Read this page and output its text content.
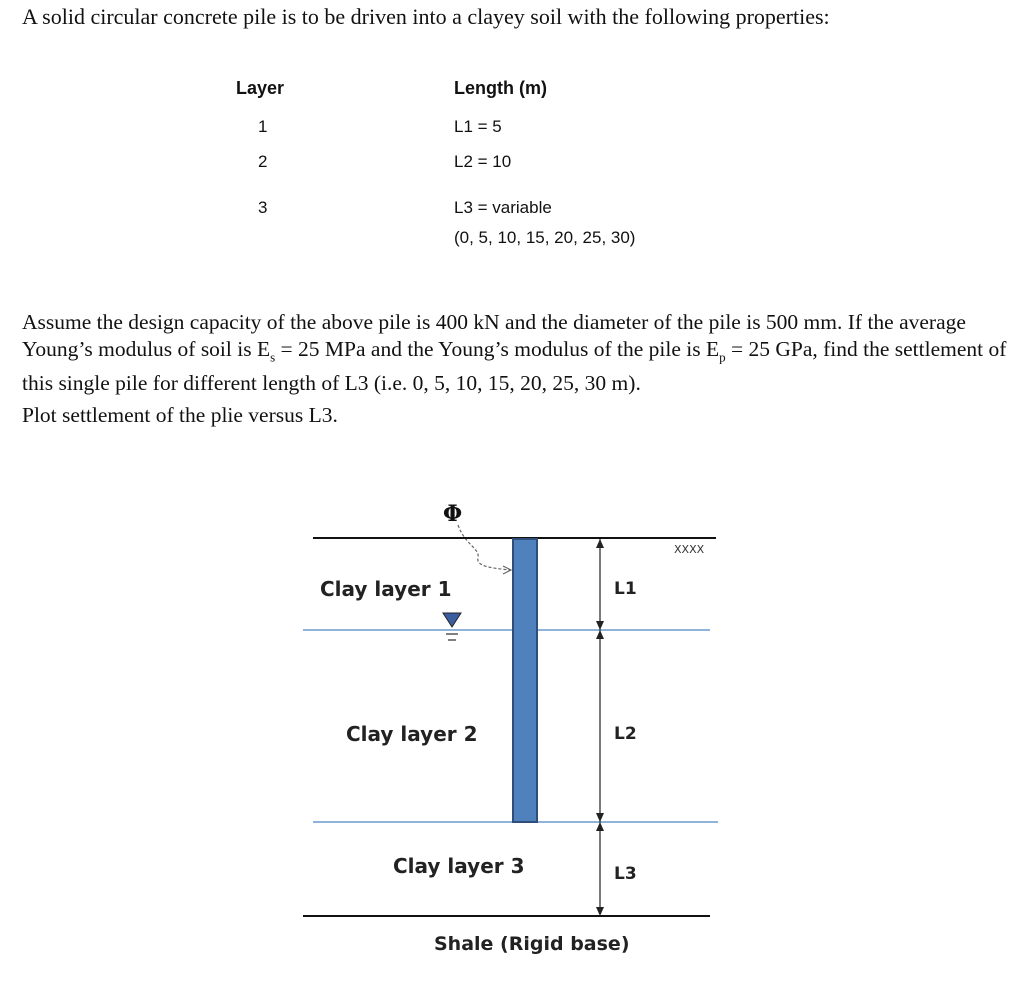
A solid circular concrete pile is to be driven into a clayey soil with the following properties:
Layer	Length (m)
1	L1 = 5
2	L2 = 10
3	L3 = variable
(0, 5, 10, 15, 20, 25, 30)

Assume the design capacity of the above pile is 400 kN and the diameter of the pile is 500 mm. If the average Young’s modulus of soil is $E_s = 25$ MPa and the Young’s modulus of the pile is $E_p = 25$ GPa, find the settlement of this single pile for different length of L3 (i.e. 0, 5, 10, 15, 20, 25, 30 m).

Plot settlement of the plie versus L3.
Φ
XXXX
L1
L2
L3
Clay layer 1
Clay layer 2
Clay layer 3
Shale (Rigid base)
